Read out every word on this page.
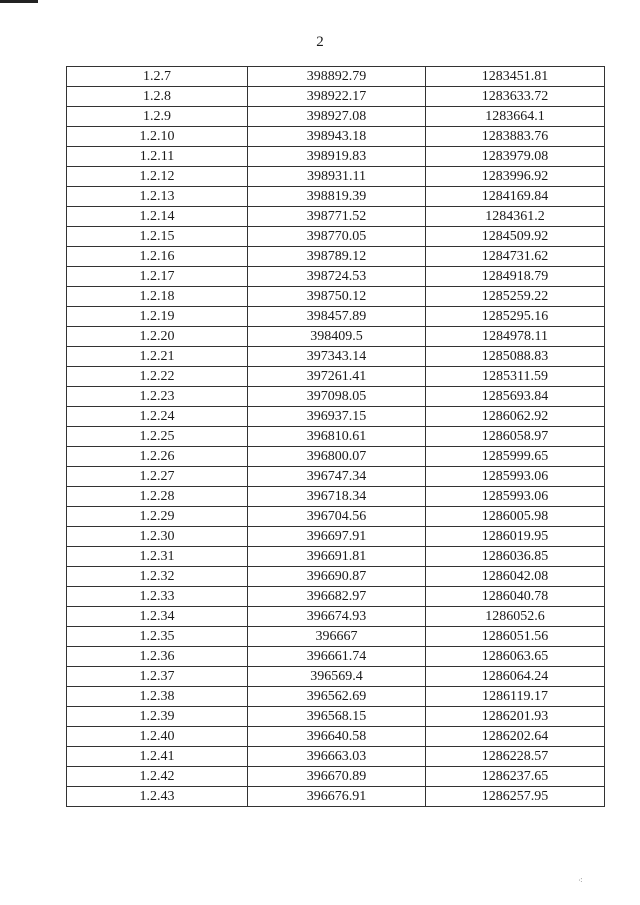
2
1.2.7	398892.79	1283451.81
1.2.8	398922.17	1283633.72
1.2.9	398927.08	1283664.1
1.2.10	398943.18	1283883.76
1.2.11	398919.83	1283979.08
1.2.12	398931.11	1283996.92
1.2.13	398819.39	1284169.84
1.2.14	398771.52	1284361.2
1.2.15	398770.05	1284509.92
1.2.16	398789.12	1284731.62
1.2.17	398724.53	1284918.79
1.2.18	398750.12	1285259.22
1.2.19	398457.89	1285295.16
1.2.20	398409.5	1284978.11
1.2.21	397343.14	1285088.83
1.2.22	397261.41	1285311.59
1.2.23	397098.05	1285693.84
1.2.24	396937.15	1286062.92
1.2.25	396810.61	1286058.97
1.2.26	396800.07	1285999.65
1.2.27	396747.34	1285993.06
1.2.28	396718.34	1285993.06
1.2.29	396704.56	1286005.98
1.2.30	396697.91	1286019.95
1.2.31	396691.81	1286036.85
1.2.32	396690.87	1286042.08
1.2.33	396682.97	1286040.78
1.2.34	396674.93	1286052.6
1.2.35	396667	1286051.56
1.2.36	396661.74	1286063.65
1.2.37	396569.4	1286064.24
1.2.38	396562.69	1286119.17
1.2.39	396568.15	1286201.93
1.2.40	396640.58	1286202.64
1.2.41	396663.03	1286228.57
1.2.42	396670.89	1286237.65
1.2.43	396676.91	1286257.95
⁖
